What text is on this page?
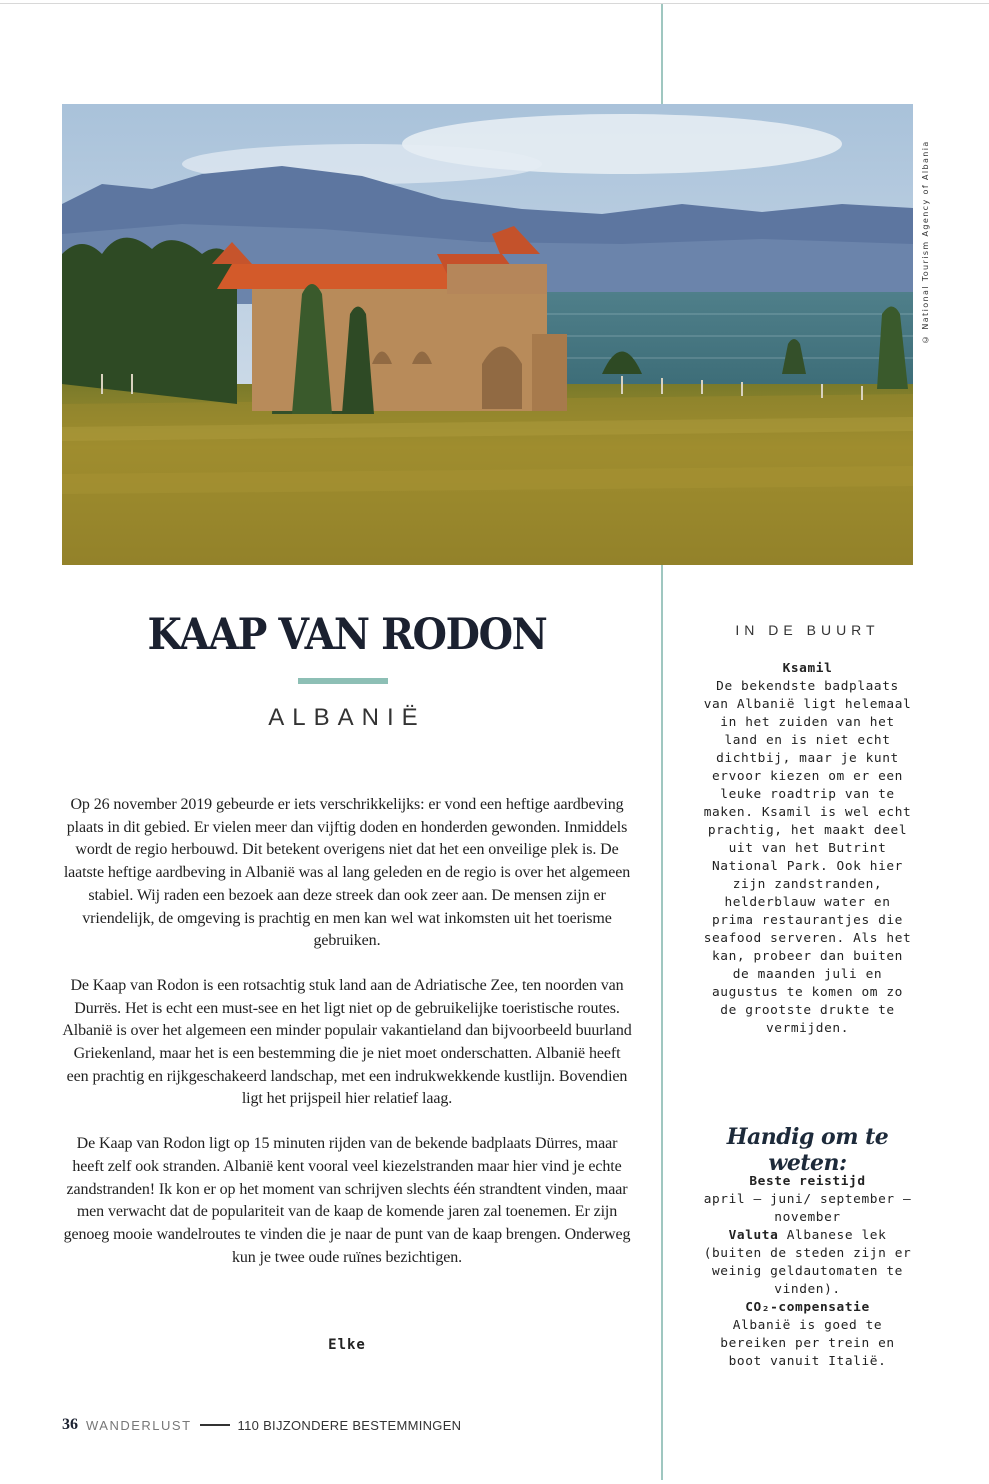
© National Tourism Agency of Albania
KAAP VAN RODON
ALBANIË

Op 26 november 2019 gebeurde er iets verschrikkelijks: er vond een heftige aardbeving plaats in dit gebied. Er vielen meer dan vijftig doden en honderden gewonden. Inmiddels wordt de regio herbouwd. Dit betekent overigens niet dat het een onveilige plek is. De laatste heftige aardbeving in Albanië was al lang geleden en de regio is over het algemeen stabiel. Wij raden een bezoek aan deze streek dan ook zeer aan. De mensen zijn er vriendelijk, de omgeving is prachtig en men kan wel wat inkomsten uit het toerisme gebruiken.

De Kaap van Rodon is een rotsachtig stuk land aan de Adriatische Zee, ten noorden van Durrës. Het is echt een must-see en het ligt niet op de gebruikelijke toeristische routes. Albanië is over het algemeen een minder populair vakantieland dan bijvoorbeeld buurland Griekenland, maar het is een bestemming die je niet moet onderschatten. Albanië heeft een prachtig en rijkgeschakeerd landschap, met een indrukwekkende kustlijn. Bovendien ligt het prijspeil hier relatief laag.

De Kaap van Rodon ligt op 15 minuten rijden van de bekende badplaats Dürres, maar heeft zelf ook stranden. Albanië kent vooral veel kiezelstranden maar hier vind je echte zandstranden! Ik kon er op het moment van schrijven slechts één strandtent vinden, maar men verwacht dat de populariteit van de kaap de komende jaren zal toenemen. Er zijn genoeg mooie wandelroutes te vinden die je naar de punt van de kaap brengen. Onderweg kun je twee oude ruïnes bezichtigen.

Elke
IN DE BUURT
Ksamil
De bekendste badplaats van Albanië ligt helemaal in het zuiden van het land en is niet echt dichtbij, maar je kunt ervoor kiezen om er een leuke roadtrip van te maken. Ksamil is wel echt prachtig, het maakt deel uit van het Butrint National Park. Ook hier zijn zandstranden, helderblauw water en prima restaurantjes die seafood serveren. Als het kan, probeer dan buiten de maanden juli en augustus te komen om zo de grootste drukte te vermijden.
Handig om te weten:
Beste reistijd
april – juni/ september – november
Valuta Albanese lek (buiten de steden zijn er weinig geldautomaten te vinden).
CO₂-compensatie
Albanië is goed te bereiken per trein en boot vanuit Italië.
36 WANDERLUST	110 BIJZONDERE BESTEMMINGEN
